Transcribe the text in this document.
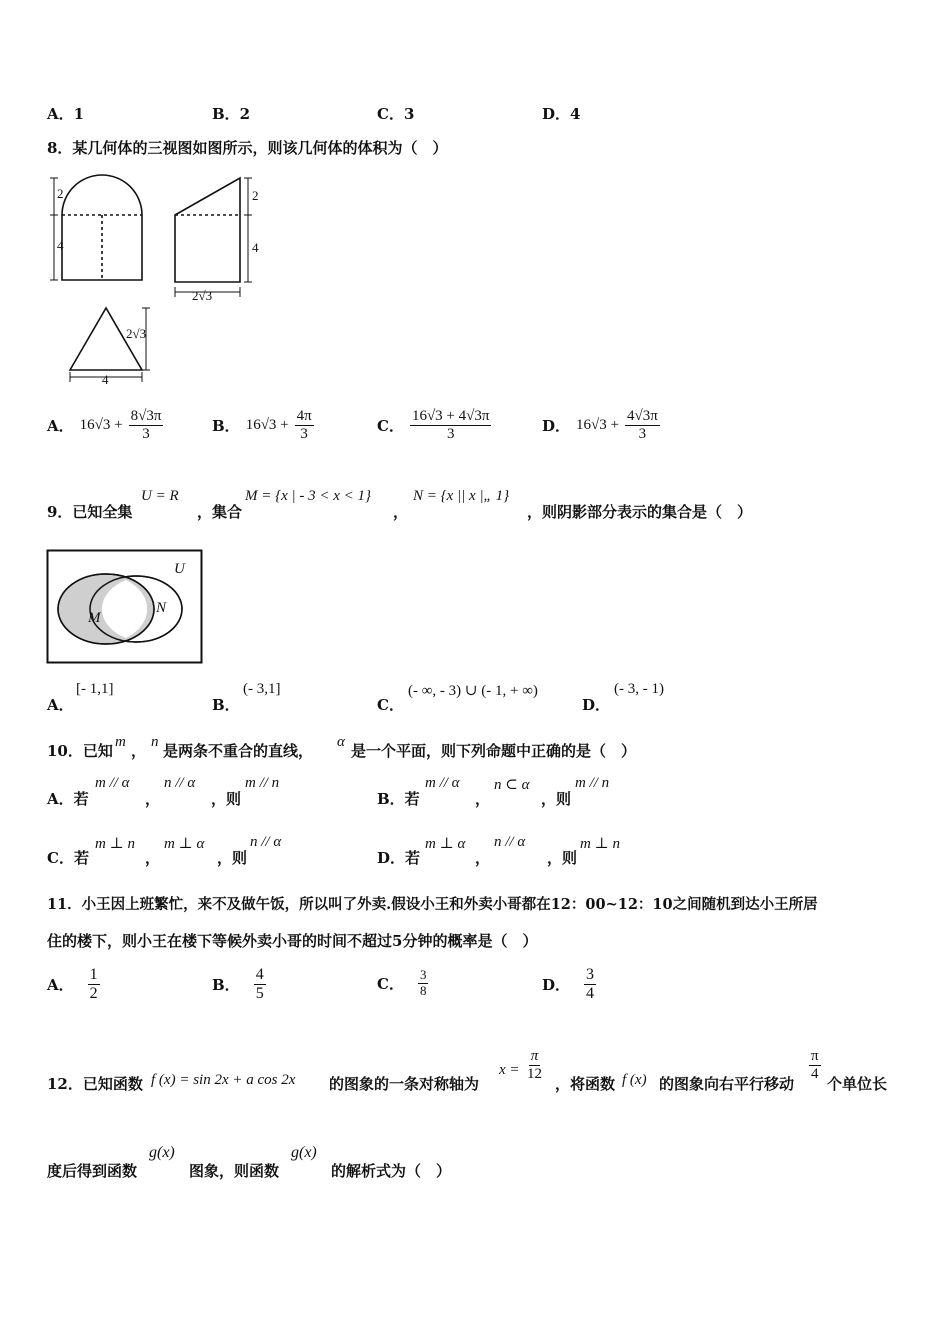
A．1	B．2	C．3	D．4
8．某几何体的三视图如图所示，则该几何体的体积为（　）
2
4
2
4
2√3
2√3
4
A． $16√3 + \frac{8√3\pi}{3}$	B． $16√3 + \frac{4\pi}{3}$	C． $\frac{16√3 + 4√3\pi}{3}$	D． $16√3 + \frac{4√3\pi}{3}$
9．已知全集
U = R
，集合
M = {x | - 3 < x < 1}
，
N = {x || x |„ 1}
，则阴影部分表示的集合是（　）
U
M
N
A．
[- 1,1]
B．
(- 3,1]
C．
(- ∞, - 3) ∪ (- 1, + ∞)
D．
(- 3, - 1)
10．已知 m ， n 是两条不重合的直线， α 是一个平面，则下列命题中正确的是（　）
A．若
m // α
，
n // α
，则
m // n
B．若
m // α
，
n ⊂ α
，则
m // n
C．若
m ⊥ n
，
m ⊥ α
，则
n // α
D．若
m ⊥ α
，
n // α
，则
m ⊥ n
11．小王因上班繁忙，来不及做午饭，所以叫了外卖.假设小王和外卖小哥都在12：00~12：10之间随机到达小王所居
住的楼下，则小王在楼下等候外卖小哥的时间不超过5分钟的概率是（　）
A． $\frac{1}{2}$	B． $\frac{4}{5}$	C． $\frac{3}{8}$	D． $\frac{3}{4}$
12．已知函数 f (x) = sin 2x + a cos 2x 的图象的一条对称轴为
$x = \frac{\pi}{12}$
，将函数 f (x) 的图象向右平行移动
$\frac{\pi}{4}$
个单位长
度后得到函数
g(x)
图象，则函数
g(x)
的解析式为（　）
